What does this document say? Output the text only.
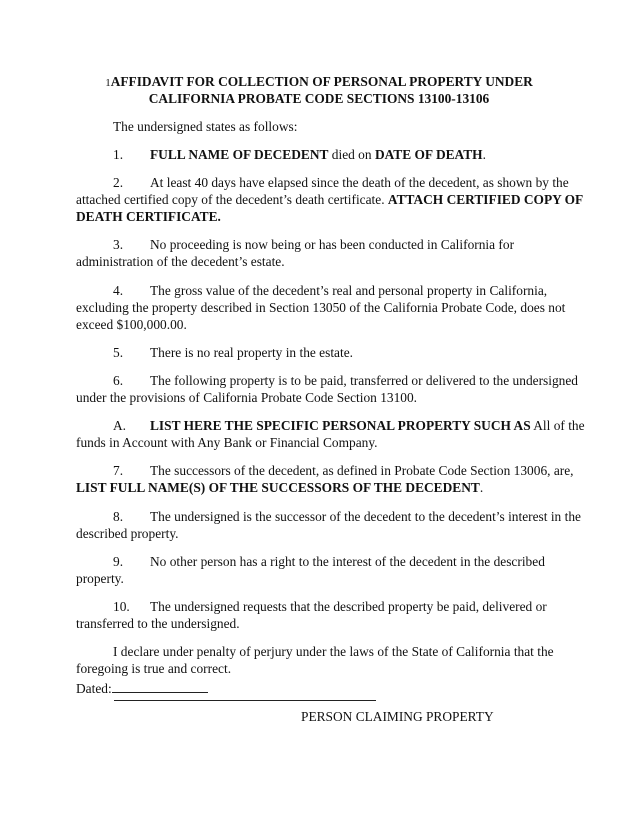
1AFFIDAVIT FOR COLLECTION OF PERSONAL PROPERTY UNDER
CALIFORNIA PROBATE CODE SECTIONS 13100-13106
The undersigned states as follows:
1. FULL NAME OF DECEDENT died on DATE OF DEATH.
2. At least 40 days have elapsed since the death of the decedent, as shown by the
attached certified copy of the decedent’s death certificate. ATTACH CERTIFIED COPY OF
DEATH CERTIFICATE.
3. No proceeding is now being or has been conducted in California for
administration of the decedent’s estate.
4. The gross value of the decedent’s real and personal property in California,
excluding the property described in Section 13050 of the California Probate Code, does not
exceed $100,000.00.
5. There is no real property in the estate.
6. The following property is to be paid, transferred or delivered to the undersigned
under the provisions of California Probate Code Section 13100.
A. LIST HERE THE SPECIFIC PERSONAL PROPERTY SUCH AS All of the
funds in Account with Any Bank or Financial Company.
7. The successors of the decedent, as defined in Probate Code Section 13006, are,
LIST FULL NAME(S) OF THE SUCCESSORS OF THE DECEDENT.
8. The undersigned is the successor of the decedent to the decedent’s interest in the
described property.
9. No other person has a right to the interest of the decedent in the described
property.
10. The undersigned requests that the described property be paid, delivered or
transferred to the undersigned.
I declare under penalty of perjury under the laws of the State of California that the
foregoing is true and correct.
Dated:
PERSON CLAIMING PROPERTY
